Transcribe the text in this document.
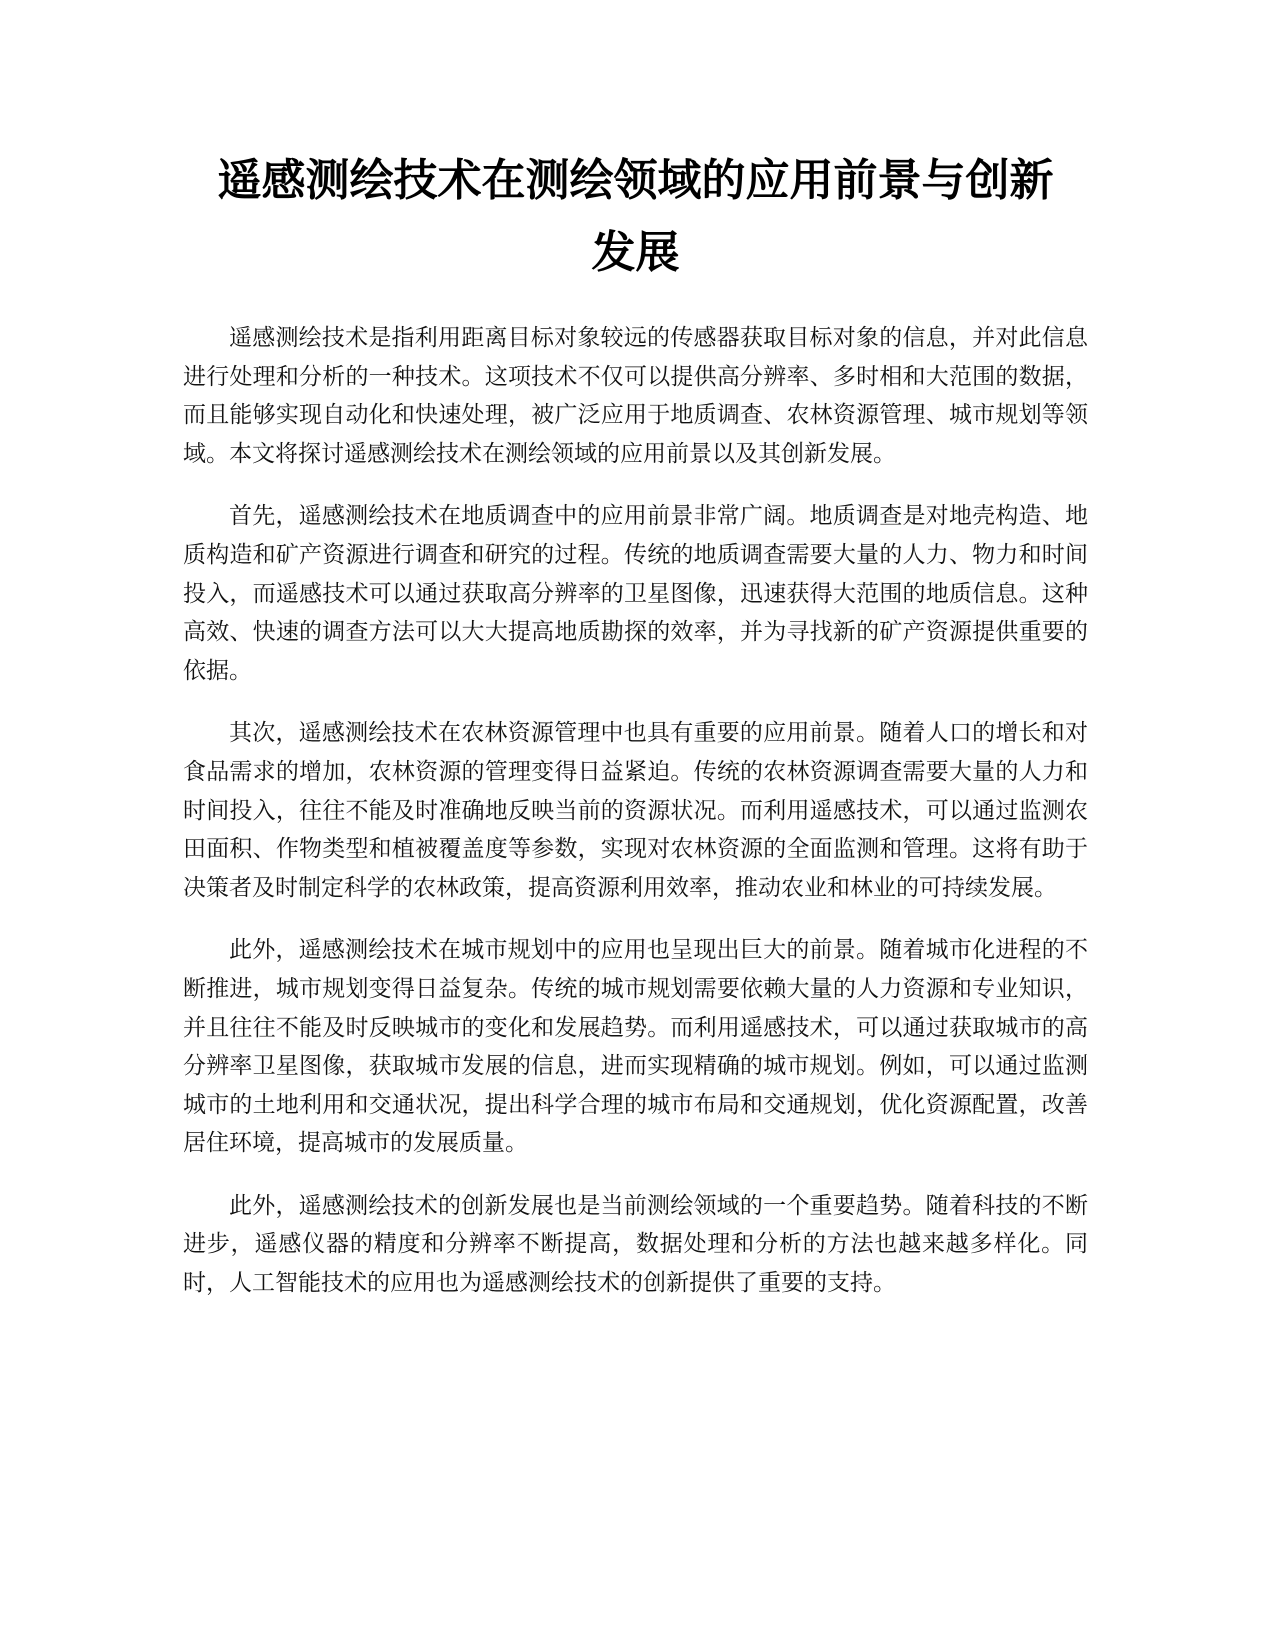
遥感测绘技术在测绘领域的应用前景与创新
发展

遥感测绘技术是指利用距离目标对象较远的传感器获取目标对象的信息，并对此信息进行处理和分析的一种技术。这项技术不仅可以提供高分辨率、多时相和大范围的数据，而且能够实现自动化和快速处理，被广泛应用于地质调查、农林资源管理、城市规划等领域。本文将探讨遥感测绘技术在测绘领域的应用前景以及其创新发展。

首先，遥感测绘技术在地质调查中的应用前景非常广阔。地质调查是对地壳构造、地质构造和矿产资源进行调查和研究的过程。传统的地质调查需要大量的人力、物力和时间投入，而遥感技术可以通过获取高分辨率的卫星图像，迅速获得大范围的地质信息。这种高效、快速的调查方法可以大大提高地质勘探的效率，并为寻找新的矿产资源提供重要的依据。

其次，遥感测绘技术在农林资源管理中也具有重要的应用前景。随着人口的增长和对食品需求的增加，农林资源的管理变得日益紧迫。传统的农林资源调查需要大量的人力和时间投入，往往不能及时准确地反映当前的资源状况。而利用遥感技术，可以通过监测农田面积、作物类型和植被覆盖度等参数，实现对农林资源的全面监测和管理。这将有助于决策者及时制定科学的农林政策，提高资源利用效率，推动农业和林业的可持续发展。

此外，遥感测绘技术在城市规划中的应用也呈现出巨大的前景。随着城市化进程的不断推进，城市规划变得日益复杂。传统的城市规划需要依赖大量的人力资源和专业知识，并且往往不能及时反映城市的变化和发展趋势。而利用遥感技术，可以通过获取城市的高分辨率卫星图像，获取城市发展的信息，进而实现精确的城市规划。例如，可以通过监测城市的土地利用和交通状况，提出科学合理的城市布局和交通规划，优化资源配置，改善居住环境，提高城市的发展质量。

此外，遥感测绘技术的创新发展也是当前测绘领域的一个重要趋势。随着科技的不断进步，遥感仪器的精度和分辨率不断提高，数据处理和分析的方法也越来越多样化。同时，人工智能技术的应用也为遥感测绘技术的创新提供了重要的支持。
